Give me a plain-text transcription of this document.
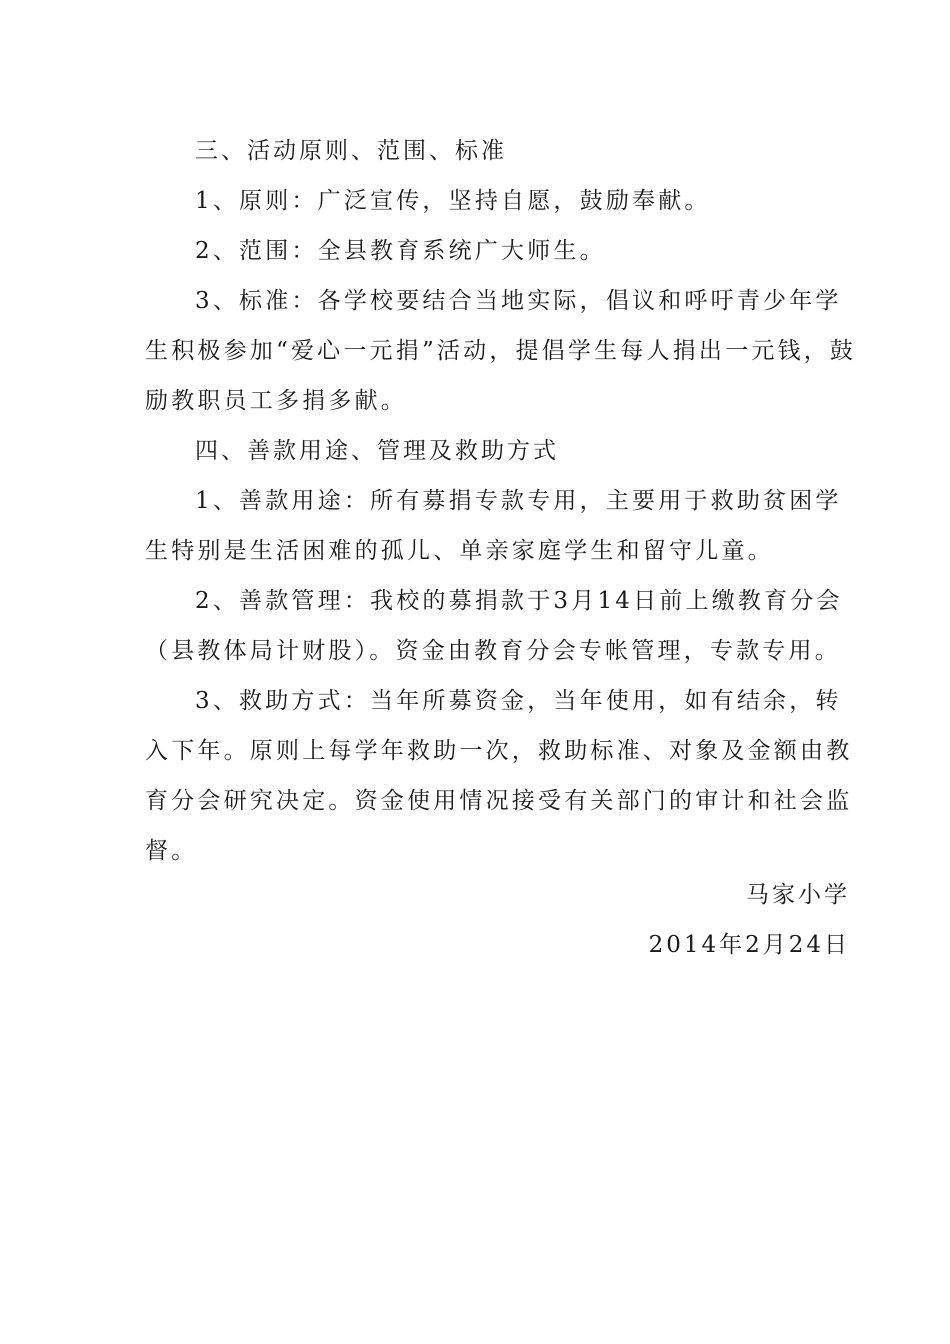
三、活动原则、范围、标准

1、原则：广泛宣传，坚持自愿，鼓励奉献。

2、范围：全县教育系统广大师生。

3、标准：各学校要结合当地实际，倡议和呼吁青少年学生积极参加“爱心一元捐”活动，提倡学生每人捐出一元钱，鼓励教职员工多捐多献。

四、善款用途、管理及救助方式

1、善款用途：所有募捐专款专用，主要用于救助贫困学生特别是生活困难的孤儿、单亲家庭学生和留守儿童。

2、善款管理：我校的募捐款于3月14日前上缴教育分会（县教体局计财股）。资金由教育分会专帐管理，专款专用。

3、救助方式：当年所募资金，当年使用，如有结余，转入下年。原则上每学年救助一次，救助标准、对象及金额由教育分会研究决定。资金使用情况接受有关部门的审计和社会监督。

马家小学

2014年2月24日
